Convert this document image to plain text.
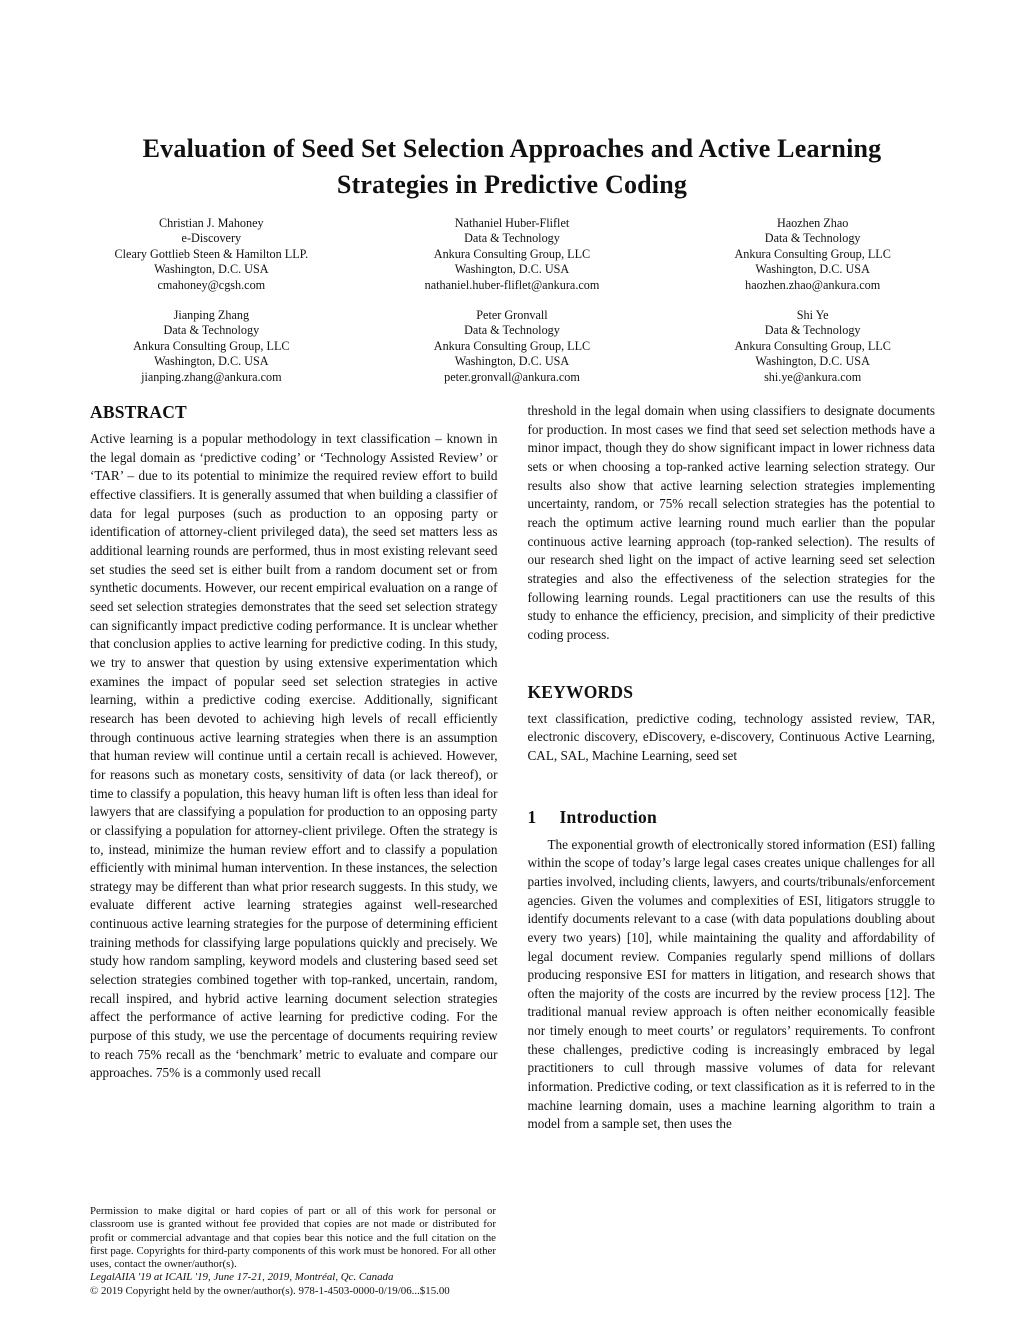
Evaluation of Seed Set Selection Approaches and Active Learning
Strategies in Predictive Coding
Christian J. Mahoney
e-Discovery
Cleary Gottlieb Steen & Hamilton LLP.
Washington, D.C. USA
cmahoney@cgsh.com
Nathaniel Huber-Fliflet
Data & Technology
Ankura Consulting Group, LLC
Washington, D.C. USA
nathaniel.huber-fliflet@ankura.com
Haozhen Zhao
Data & Technology
Ankura Consulting Group, LLC
Washington, D.C. USA
haozhen.zhao@ankura.com
Jianping Zhang
Data & Technology
Ankura Consulting Group, LLC
Washington, D.C. USA
jianping.zhang@ankura.com
Peter Gronvall
Data & Technology
Ankura Consulting Group, LLC
Washington, D.C. USA
peter.gronvall@ankura.com
Shi Ye
Data & Technology
Ankura Consulting Group, LLC
Washington, D.C. USA
shi.ye@ankura.com
ABSTRACT

Active learning is a popular methodology in text classification – known in the legal domain as ‘predictive coding’ or ‘Technology Assisted Review’ or ‘TAR’ – due to its potential to minimize the required review effort to build effective classifiers. It is generally assumed that when building a classifier of data for legal purposes (such as production to an opposing party or identification of attorney-client privileged data), the seed set matters less as additional learning rounds are performed, thus in most existing relevant seed set studies the seed set is either built from a random document set or from synthetic documents. However, our recent empirical evaluation on a range of seed set selection strategies demonstrates that the seed set selection strategy can significantly impact predictive coding performance. It is unclear whether that conclusion applies to active learning for predictive coding. In this study, we try to answer that question by using extensive experimentation which examines the impact of popular seed set selection strategies in active learning, within a predictive coding exercise. Additionally, significant research has been devoted to achieving high levels of recall efficiently through continuous active learning strategies when there is an assumption that human review will continue until a certain recall is achieved. However, for reasons such as monetary costs, sensitivity of data (or lack thereof), or time to classify a population, this heavy human lift is often less than ideal for lawyers that are classifying a population for production to an opposing party or classifying a population for attorney-client privilege. Often the strategy is to, instead, minimize the human review effort and to classify a population efficiently with minimal human intervention. In these instances, the selection strategy may be different than what prior research suggests. In this study, we evaluate different active learning strategies against well-researched continuous active learning strategies for the purpose of determining efficient training methods for classifying large populations quickly and precisely. We study how random sampling, keyword models and clustering based seed set selection strategies combined together with top-ranked, uncertain, random, recall inspired, and hybrid active learning document selection strategies affect the performance of active learning for predictive coding. For the purpose of this study, we use the percentage of documents requiring review to reach 75% recall as the ‘benchmark’ metric to evaluate and compare our approaches. 75% is a commonly used recall

threshold in the legal domain when using classifiers to designate documents for production. In most cases we find that seed set selection methods have a minor impact, though they do show significant impact in lower richness data sets or when choosing a top-ranked active learning selection strategy. Our results also show that active learning selection strategies implementing uncertainty, random, or 75% recall selection strategies has the potential to reach the optimum active learning round much earlier than the popular continuous active learning approach (top-ranked selection). The results of our research shed light on the impact of active learning seed set selection strategies and also the effectiveness of the selection strategies for the following learning rounds. Legal practitioners can use the results of this study to enhance the efficiency, precision, and simplicity of their predictive coding process.

KEYWORDS

text classification, predictive coding, technology assisted review, TAR, electronic discovery, eDiscovery, e-discovery, Continuous Active Learning, CAL, SAL, Machine Learning, seed set

1	Introduction

The exponential growth of electronically stored information (ESI) falling within the scope of today’s large legal cases creates unique challenges for all parties involved, including clients, lawyers, and courts/tribunals/enforcement agencies. Given the volumes and complexities of ESI, litigators struggle to identify documents relevant to a case (with data populations doubling about every two years) [10], while maintaining the quality and affordability of legal document review. Companies regularly spend millions of dollars producing responsive ESI for matters in litigation, and research shows that often the majority of the costs are incurred by the review process [12]. The traditional manual review approach is often neither economically feasible nor timely enough to meet courts’ or regulators’ requirements. To confront these challenges, predictive coding is increasingly embraced by legal practitioners to cull through massive volumes of data for relevant information. Predictive coding, or text classification as it is referred to in the machine learning domain, uses a machine learning algorithm to train a model from a sample set, then uses the

Permission to make digital or hard copies of part or all of this work for personal or classroom use is granted without fee provided that copies are not made or distributed for profit or commercial advantage and that copies bear this notice and the full citation on the first page. Copyrights for third-party components of this work must be honored. For all other uses, contact the owner/author(s).
LegalAIIA '19 at ICAIL '19, June 17-21, 2019, Montréal, Qc. Canada
© 2019 Copyright held by the owner/author(s). 978-1-4503-0000-0/19/06...$15.00
